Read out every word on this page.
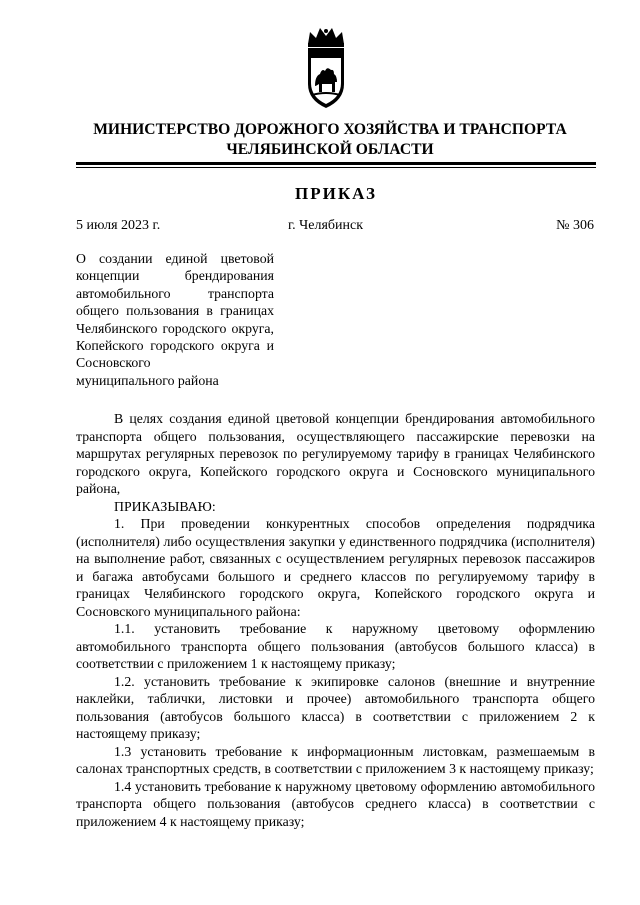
МИНИСТЕРСТВО ДОРОЖНОГО ХОЗЯЙСТВА И ТРАНСПОРТА
ЧЕЛЯБИНСКОЙ ОБЛАСТИ
ПРИКАЗ
5 июля 2023 г.	г. Челябинск	№ 306
О создании единой цветовой концепции брендирования автомобильного транспорта общего пользования в границах Челябинского городского округа, Копейского городского округа и Сосновского
муниципального района

В целях создания единой цветовой концепции брендирования автомобильного транспорта общего пользования, осуществляющего пассажирские перевозки на маршрутах регулярных перевозок по регулируемому тарифу в границах Челябинского городского округа, Копейского городского округа и Сосновского муниципального района,

ПРИКАЗЫВАЮ:

1. При проведении конкурентных способов определения подрядчика (исполнителя) либо осуществления закупки у единственного подрядчика (исполнителя) на выполнение работ, связанных с осуществлением регулярных перевозок пассажиров и багажа автобусами большого и среднего классов по регулируемому тарифу в границах Челябинского городского округа, Копейского городского округа и Сосновского муниципального района:

1.1. установить требование к наружному цветовому оформлению автомобильного транспорта общего пользования (автобусов большого класса) в соответствии с приложением 1 к настоящему приказу;

1.2. установить требование к экипировке салонов (внешние и внутренние наклейки, таблички, листовки и прочее) автомобильного транспорта общего пользования (автобусов большого класса) в соответствии с приложением 2 к настоящему приказу;

1.3 установить требование к информационным листовкам, размешаемым в салонах транспортных средств, в соответствии с приложением 3 к настоящему приказу;

1.4 установить требование к наружному цветовому оформлению автомобильного транспорта общего пользования (автобусов среднего класса) в соответствии с приложением 4 к настоящему приказу;
